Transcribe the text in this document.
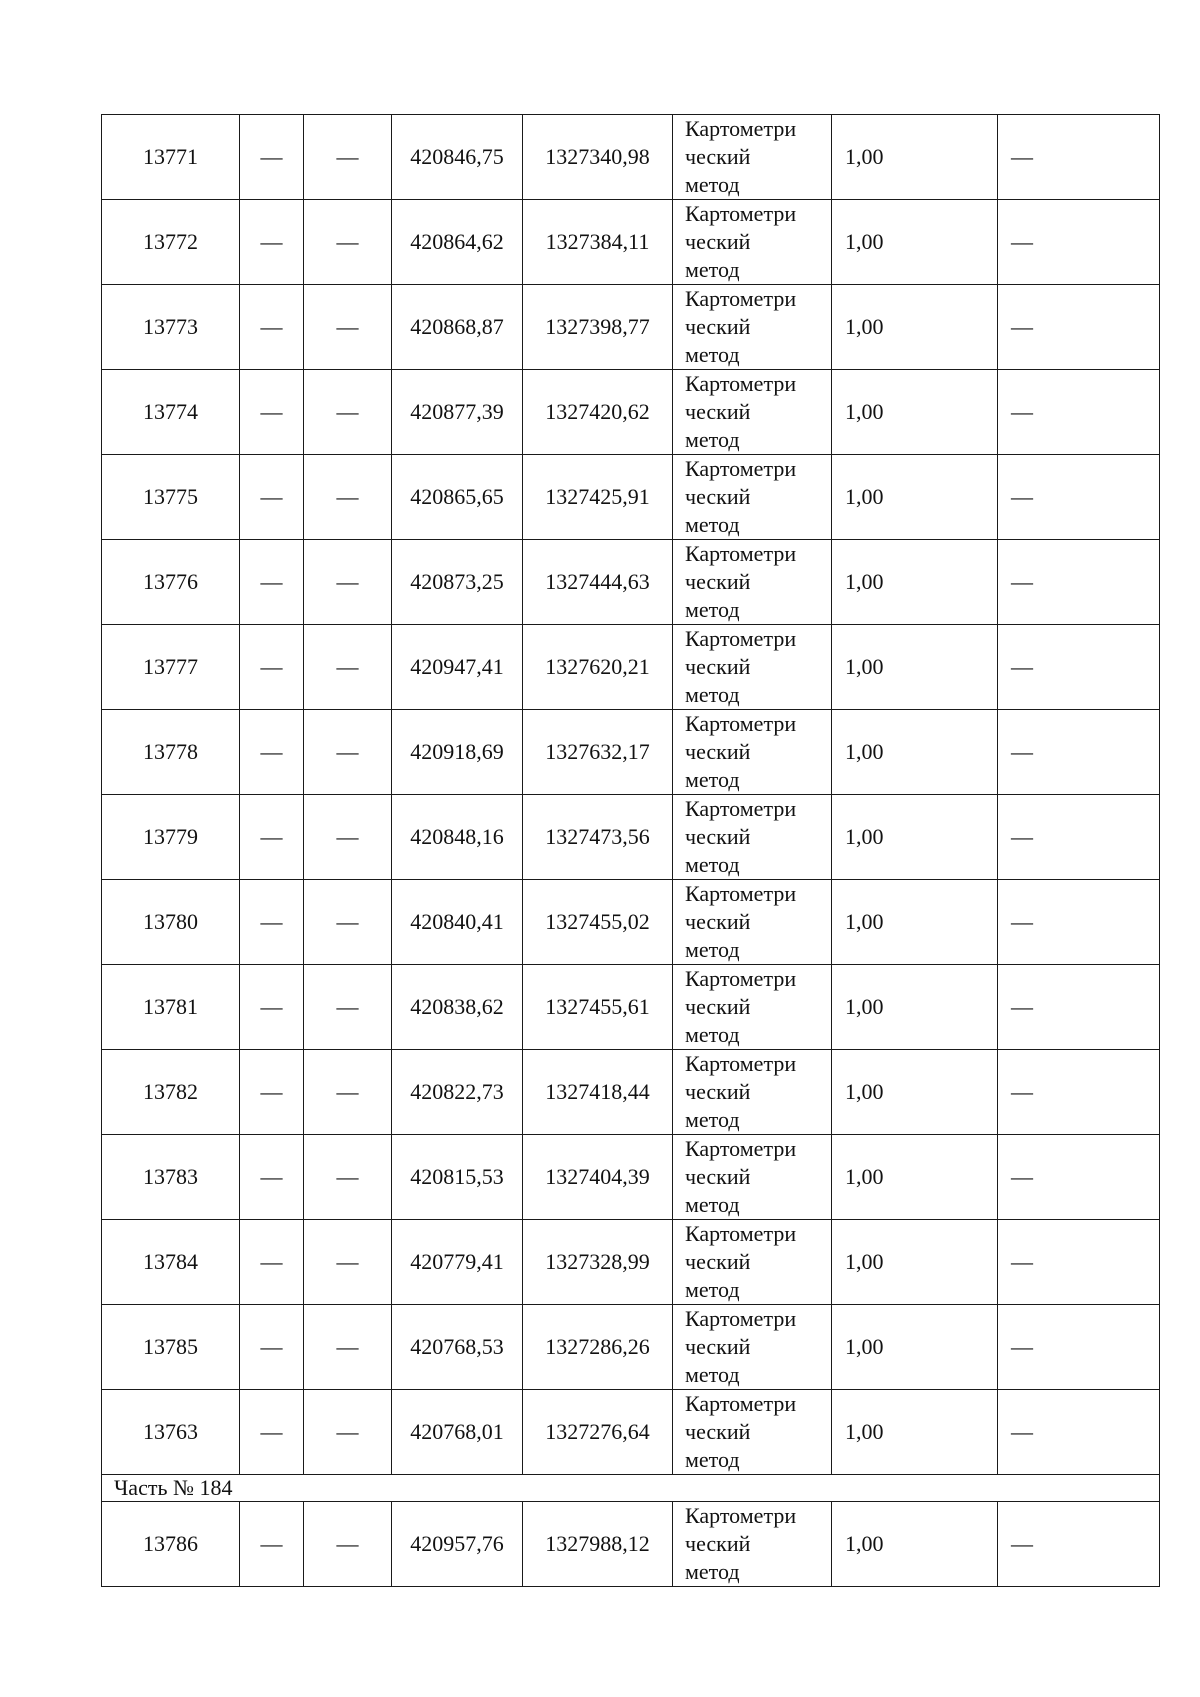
13771	—	—	420846,75	1327340,98	Картометри
ческий
метод	1,00	—
13772	—	—	420864,62	1327384,11	Картометри
ческий
метод	1,00	—
13773	—	—	420868,87	1327398,77	Картометри
ческий
метод	1,00	—
13774	—	—	420877,39	1327420,62	Картометри
ческий
метод	1,00	—
13775	—	—	420865,65	1327425,91	Картометри
ческий
метод	1,00	—
13776	—	—	420873,25	1327444,63	Картометри
ческий
метод	1,00	—
13777	—	—	420947,41	1327620,21	Картометри
ческий
метод	1,00	—
13778	—	—	420918,69	1327632,17	Картометри
ческий
метод	1,00	—
13779	—	—	420848,16	1327473,56	Картометри
ческий
метод	1,00	—
13780	—	—	420840,41	1327455,02	Картометри
ческий
метод	1,00	—
13781	—	—	420838,62	1327455,61	Картометри
ческий
метод	1,00	—
13782	—	—	420822,73	1327418,44	Картометри
ческий
метод	1,00	—
13783	—	—	420815,53	1327404,39	Картометри
ческий
метод	1,00	—
13784	—	—	420779,41	1327328,99	Картометри
ческий
метод	1,00	—
13785	—	—	420768,53	1327286,26	Картометри
ческий
метод	1,00	—
13763	—	—	420768,01	1327276,64	Картометри
ческий
метод	1,00	—
Часть № 184							
13786	—	—	420957,76	1327988,12	Картометри
ческий
метод	1,00	—
